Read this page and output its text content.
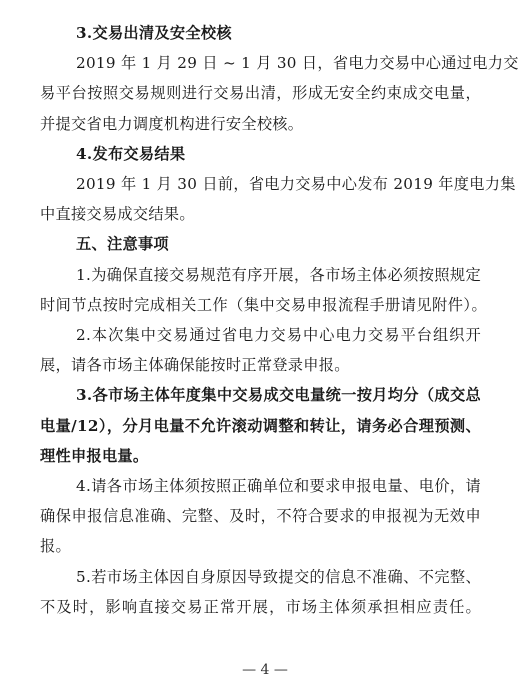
3.交易出清及安全校核
2019 年 1 月 29 日 ~ 1 月 30 日，省电力交易中心通过电力交
易平台按照交易规则进行交易出清，形成无安全约束成交电量，
并提交省电力调度机构进行安全校核。
4.发布交易结果
2019 年 1 月 30 日前，省电力交易中心发布 2019 年度电力集
中直接交易成交结果。
五、注意事项
1.为确保直接交易规范有序开展，各市场主体必须按照规定
时间节点按时完成相关工作（集中交易申报流程手册请见附件）。
2.本次集中交易通过省电力交易中心电力交易平台组织开
展，请各市场主体确保能按时正常登录申报。
3.各市场主体年度集中交易成交电量统一按月均分（成交总
电量/12），分月电量不允许滚动调整和转让，请务必合理预测、
理性申报电量。
4.请各市场主体须按照正确单位和要求申报电量、电价，请
确保申报信息准确、完整、及时，不符合要求的申报视为无效申
报。
5.若市场主体因自身原因导致提交的信息不准确、不完整、
— 4 —
不及时，影响直接交易正常开展，市场主体须承担相应责任。
